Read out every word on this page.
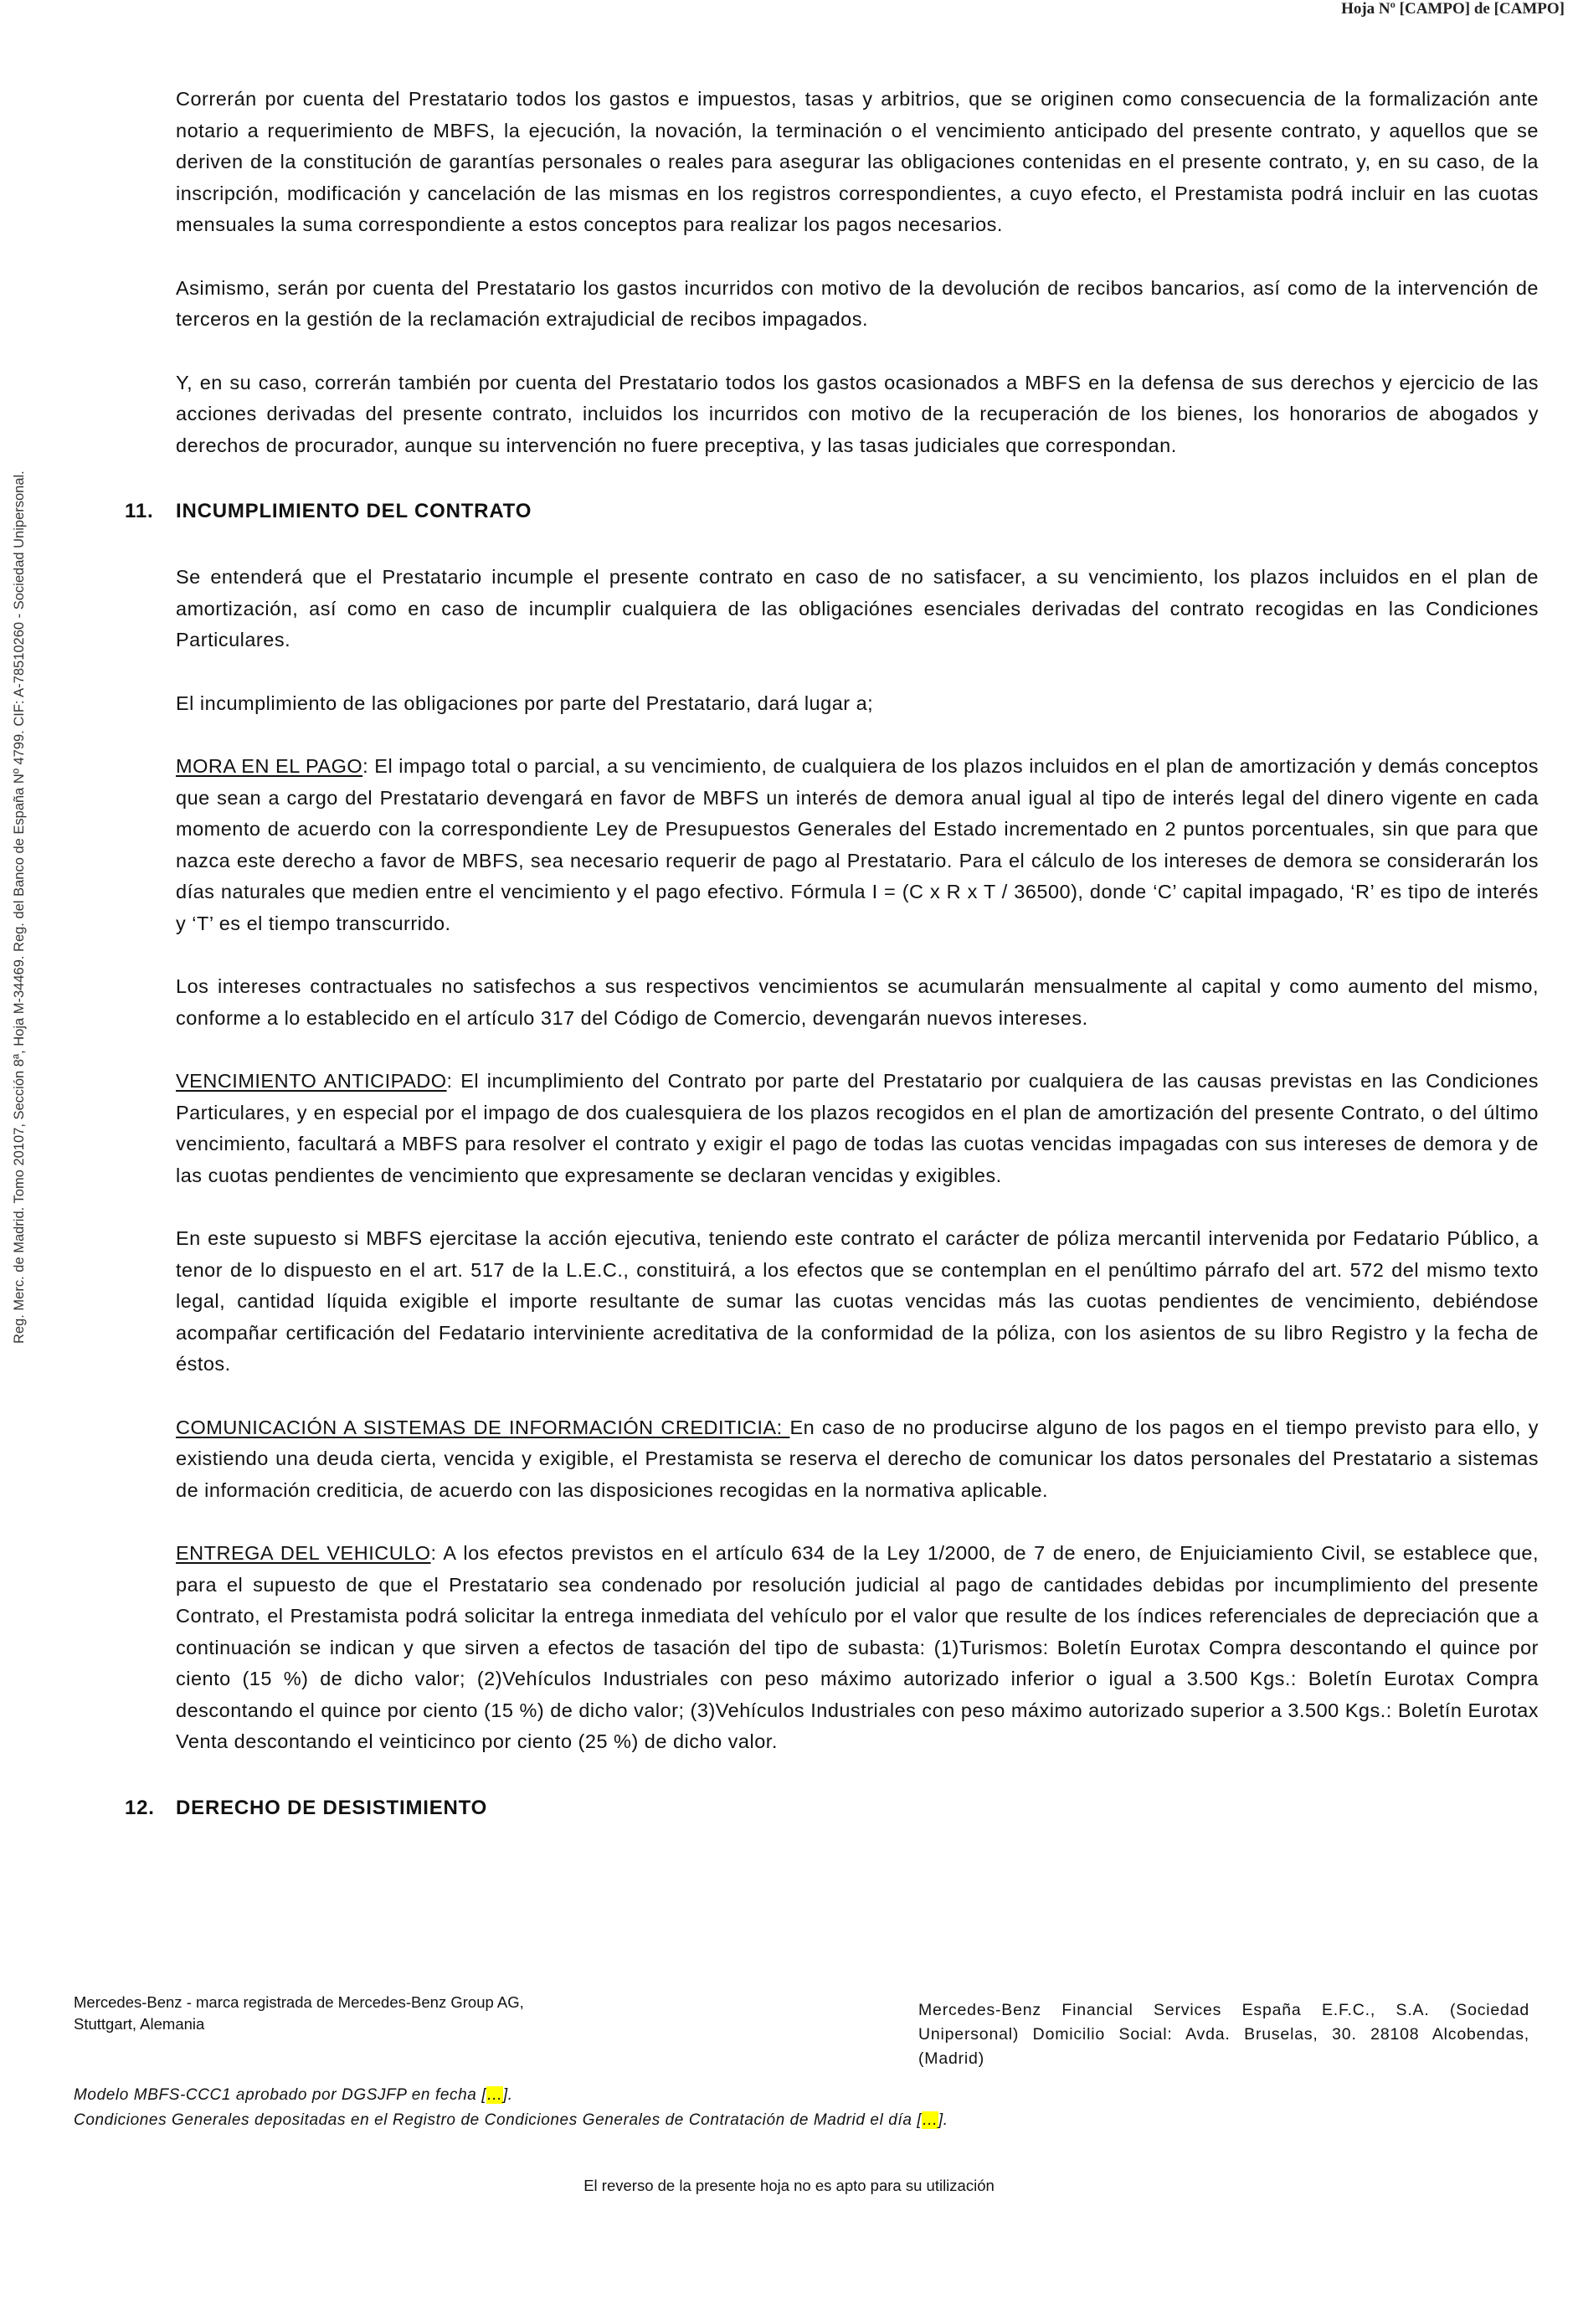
Hoja Nº [CAMPO] de [CAMPO]
Reg. Merc. de Madrid. Tomo 20107, Sección 8ª, Hoja M-34469. Reg. del Banco de España Nº 4799. CIF: A-78510260 - Sociedad Unipersonal.

Correrán por cuenta del Prestatario todos los gastos e impuestos, tasas y arbitrios, que se originen como consecuencia de la formalización ante notario a requerimiento de MBFS, la ejecución, la novación, la terminación o el vencimiento anticipado del presente contrato, y aquellos que se deriven de la constitución de garantías personales o reales para asegurar las obligaciones contenidas en el presente contrato, y, en su caso, de la inscripción, modificación y cancelación de las mismas en los registros correspondientes, a cuyo efecto, el Prestamista podrá incluir en las cuotas mensuales la suma correspondiente a estos conceptos para realizar los pagos necesarios.

Asimismo, serán por cuenta del Prestatario los gastos incurridos con motivo de la devolución de recibos bancarios, así como de la intervención de terceros en la gestión de la reclamación extrajudicial de recibos impagados.

Y, en su caso, correrán también por cuenta del Prestatario todos los gastos ocasionados a MBFS en la defensa de sus derechos y ejercicio de las acciones derivadas del presente contrato, incluidos los incurridos con motivo de la recuperación de los bienes, los honorarios de abogados y derechos de procurador, aunque su intervención no fuere preceptiva, y las tasas judiciales que correspondan.

11. INCUMPLIMIENTO DEL CONTRATO

Se entenderá que el Prestatario incumple el presente contrato en caso de no satisfacer, a su vencimiento, los plazos incluidos en el plan de amortización, así como en caso de incumplir cualquiera de las obligaciónes esenciales derivadas del contrato recogidas en las Condiciones Particulares.

El incumplimiento de las obligaciones por parte del Prestatario, dará lugar a;

MORA EN EL PAGO: El impago total o parcial, a su vencimiento, de cualquiera de los plazos incluidos en el plan de amortización y demás conceptos que sean a cargo del Prestatario devengará en favor de MBFS un interés de demora anual igual al tipo de interés legal del dinero vigente en cada momento de acuerdo con la correspondiente Ley de Presupuestos Generales del Estado incrementado en 2 puntos porcentuales, sin que para que nazca este derecho a favor de MBFS, sea necesario requerir de pago al Prestatario. Para el cálculo de los intereses de demora se considerarán los días naturales que medien entre el vencimiento y el pago efectivo. Fórmula I = (C x R x T / 36500), donde ‘C’ capital impagado, ‘R’ es tipo de interés y ‘T’ es el tiempo transcurrido.

Los intereses contractuales no satisfechos a sus respectivos vencimientos se acumularán mensualmente al capital y como aumento del mismo, conforme a lo establecido en el artículo 317 del Código de Comercio, devengarán nuevos intereses.

VENCIMIENTO ANTICIPADO: El incumplimiento del Contrato por parte del Prestatario por cualquiera de las causas previstas en las Condiciones Particulares, y en especial por el impago de dos cualesquiera de los plazos recogidos en el plan de amortización del presente Contrato, o del último vencimiento, facultará a MBFS para resolver el contrato y exigir el pago de todas las cuotas vencidas impagadas con sus intereses de demora y de las cuotas pendientes de vencimiento que expresamente se declaran vencidas y exigibles.

En este supuesto si MBFS ejercitase la acción ejecutiva, teniendo este contrato el carácter de póliza mercantil intervenida por Fedatario Público, a tenor de lo dispuesto en el art. 517 de la L.E.C., constituirá, a los efectos que se contemplan en el penúltimo párrafo del art. 572 del mismo texto legal, cantidad líquida exigible el importe resultante de sumar las cuotas vencidas más las cuotas pendientes de vencimiento, debiéndose acompañar certificación del Fedatario interviniente acreditativa de la conformidad de la póliza, con los asientos de su libro Registro y la fecha de éstos.

COMUNICACIÓN A SISTEMAS DE INFORMACIÓN CREDITICIA: En caso de no producirse alguno de los pagos en el tiempo previsto para ello, y existiendo una deuda cierta, vencida y exigible, el Prestamista se reserva el derecho de comunicar los datos personales del Prestatario a sistemas de información crediticia, de acuerdo con las disposiciones recogidas en la normativa aplicable.

ENTREGA DEL VEHICULO: A los efectos previstos en el artículo 634 de la Ley 1/2000, de 7 de enero, de Enjuiciamiento Civil, se establece que, para el supuesto de que el Prestatario sea condenado por resolución judicial al pago de cantidades debidas por incumplimiento del presente Contrato, el Prestamista podrá solicitar la entrega inmediata del vehículo por el valor que resulte de los índices referenciales de depreciación que a continuación se indican y que sirven a efectos de tasación del tipo de subasta: (1)Turismos: Boletín Eurotax Compra descontando el quince por ciento (15 %) de dicho valor; (2)Vehículos Industriales con peso máximo autorizado inferior o igual a 3.500 Kgs.: Boletín Eurotax Compra descontando el quince por ciento (15 %) de dicho valor; (3)Vehículos Industriales con peso máximo autorizado superior a 3.500 Kgs.: Boletín Eurotax Venta descontando el veinticinco por ciento (25 %) de dicho valor.

12. DERECHO DE DESISTIMIENTO
Mercedes-Benz - marca registrada de Mercedes-Benz Group AG,
Stuttgart, Alemania
Mercedes-Benz Financial Services España E.F.C., S.A. (Sociedad Unipersonal) Domicilio Social: Avda. Bruselas, 30. 28108 Alcobendas, (Madrid)
Modelo MBFS-CCC1 aprobado por DGSJFP en fecha […].
Condiciones Generales depositadas en el Registro de Condiciones Generales de Contratación de Madrid el día […].
El reverso de la presente hoja no es apto para su utilización
